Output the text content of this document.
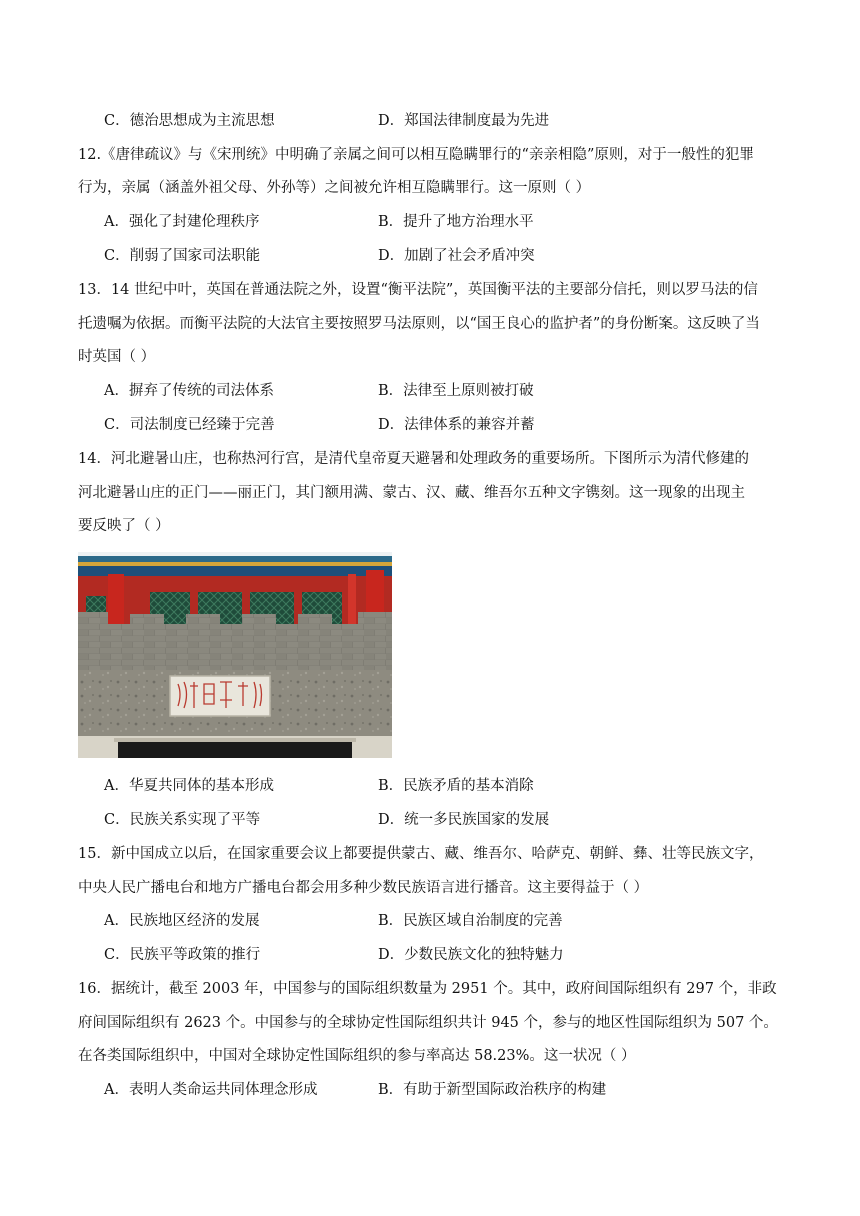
C．德治思想成为主流思想	D．郑国法律制度最为先进
12.《唐律疏议》与《宋刑统》中明确了亲属之间可以相互隐瞒罪行的“亲亲相隐”原则，对于一般性的犯罪
行为，亲属（涵盖外祖父母、外孙等）之间被允许相互隐瞒罪行。这一原则（ ）
A．强化了封建伦理秩序	B．提升了地方治理水平
C．削弱了国家司法职能	D．加剧了社会矛盾冲突
13．14 世纪中叶，英国在普通法院之外，设置“衡平法院”，英国衡平法的主要部分信托，则以罗马法的信
托遗嘱为依据。而衡平法院的大法官主要按照罗马法原则，以“国王良心的监护者”的身份断案。这反映了当
时英国（ ）
A．摒弃了传统的司法体系	B．法律至上原则被打破
C．司法制度已经臻于完善	D．法律体系的兼容并蓄
14．河北避暑山庄，也称热河行宫，是清代皇帝夏天避暑和处理政务的重要场所。下图所示为清代修建的
河北避暑山庄的正门——丽正门，其门额用满、蒙古、汉、藏、维吾尔五种文字镌刻。这一现象的出现主
要反映了（ ）
A．华夏共同体的基本形成	B．民族矛盾的基本消除
C．民族关系实现了平等	D．统一多民族国家的发展
15．新中国成立以后，在国家重要会议上都要提供蒙古、藏、维吾尔、哈萨克、朝鲜、彝、壮等民族文字，
中央人民广播电台和地方广播电台都会用多种少数民族语言进行播音。这主要得益于（ ）
A．民族地区经济的发展	B．民族区域自治制度的完善
C．民族平等政策的推行	D．少数民族文化的独特魅力
16．据统计，截至 2003 年，中国参与的国际组织数量为 2951 个。其中，政府间国际组织有 297 个，非政
府间国际组织有 2623 个。中国参与的全球协定性国际组织共计 945 个，参与的地区性国际组织为 507 个。
在各类国际组织中，中国对全球协定性国际组织的参与率高达 58.23%。这一状况（ ）
A．表明人类命运共同体理念形成	B．有助于新型国际政治秩序的构建
